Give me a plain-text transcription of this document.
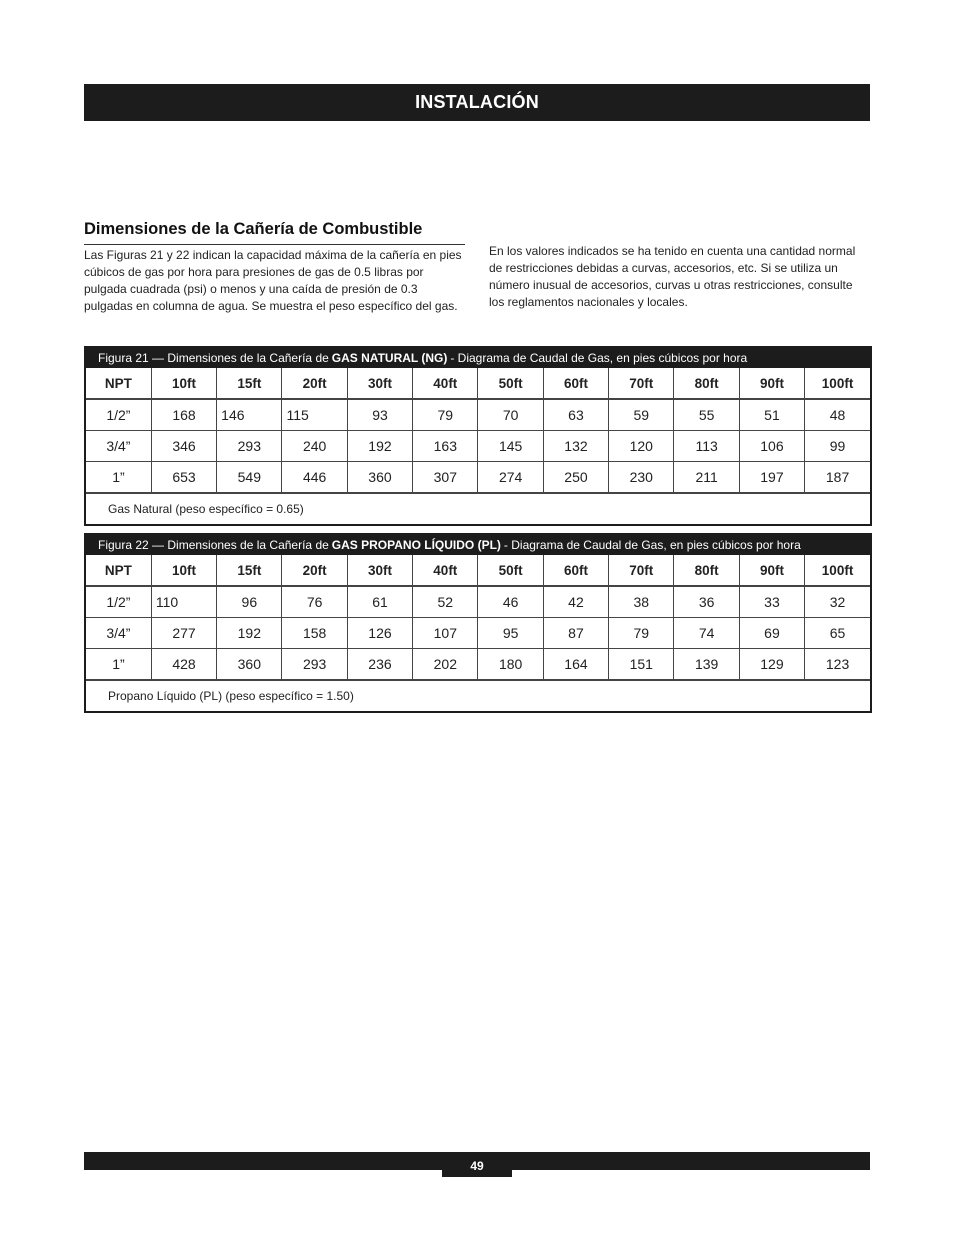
INSTALACIÓN
Dimensiones de la Cañería de Combustible
Las Figuras 21 y 22 indican la capacidad máxima de la cañería en pies cúbicos de gas por hora para presiones de gas de 0.5 libras por pulgada cuadrada (psi) o menos y una caída de presión de 0.3 pulgadas en columna de agua. Se muestra el peso específico del gas.
En los valores indicados se ha tenido en cuenta una cantidad normal de restricciones debidas a curvas, accesorios, etc. Si se utiliza un número inusual de accesorios, curvas u otras restricciones, consulte los reglamentos nacionales y locales.
Figura 21 — Dimensiones de la Cañería de GAS NATURAL (NG) - Diagrama de Caudal de Gas, en pies cúbicos por hora
NPT	10ft	15ft	20ft	30ft	40ft	50ft	60ft	70ft	80ft	90ft	100ft
1/2”	168	146	115	93	79	70	63	59	55	51	48
3/4”	346	293	240	192	163	145	132	120	113	106	99
1”	653	549	446	360	307	274	250	230	211	197	187
Gas Natural (peso específico = 0.65)
Figura 22 — Dimensiones de la Cañería de GAS PROPANO LÍQUIDO (PL) - Diagrama de Caudal de Gas, en pies cúbicos por hora
NPT	10ft	15ft	20ft	30ft	40ft	50ft	60ft	70ft	80ft	90ft	100ft
1/2”	110	96	76	61	52	46	42	38	36	33	32
3/4”	277	192	158	126	107	95	87	79	74	69	65
1”	428	360	293	236	202	180	164	151	139	129	123
Propano Líquido (PL) (peso específico = 1.50)
49
